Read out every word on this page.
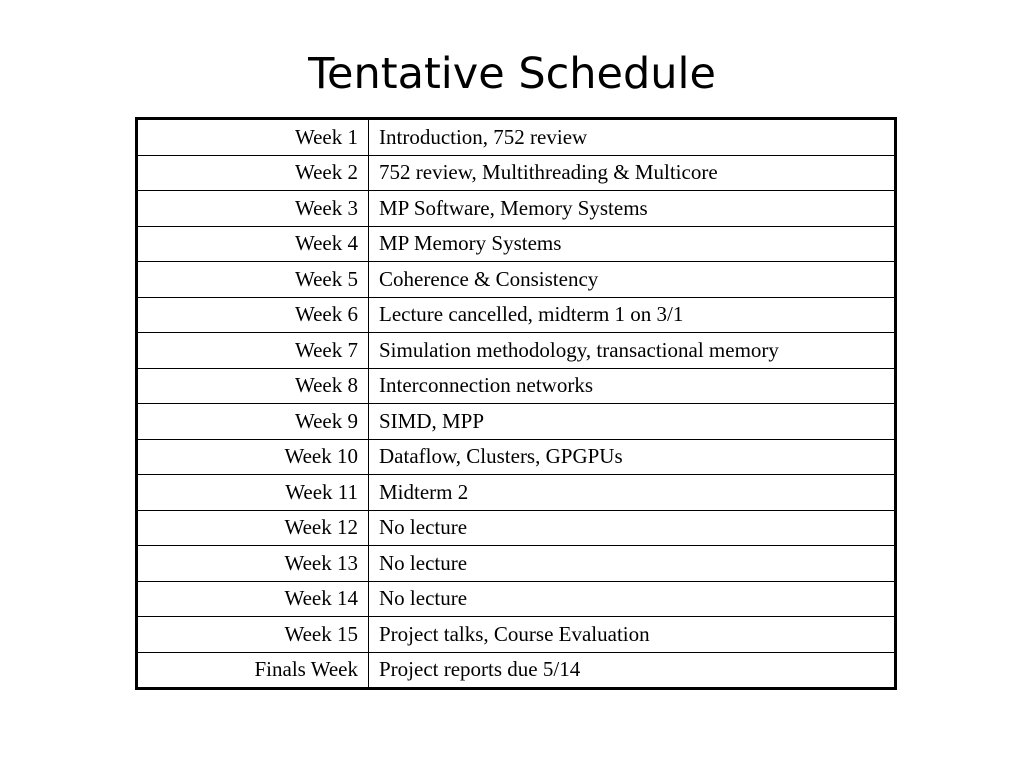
Tentative Schedule
Week 1	Introduction, 752 review
Week 2	752 review, Multithreading & Multicore
Week 3	MP Software, Memory Systems
Week 4	MP Memory Systems
Week 5	Coherence & Consistency
Week 6	Lecture cancelled, midterm 1 on 3/1
Week 7	Simulation methodology, transactional memory
Week 8	Interconnection networks
Week 9	SIMD, MPP
Week 10	Dataflow, Clusters, GPGPUs
Week 11	Midterm 2
Week 12	No lecture
Week 13	No lecture
Week 14	No lecture
Week 15	Project talks, Course Evaluation
Finals Week	Project reports due 5/14
